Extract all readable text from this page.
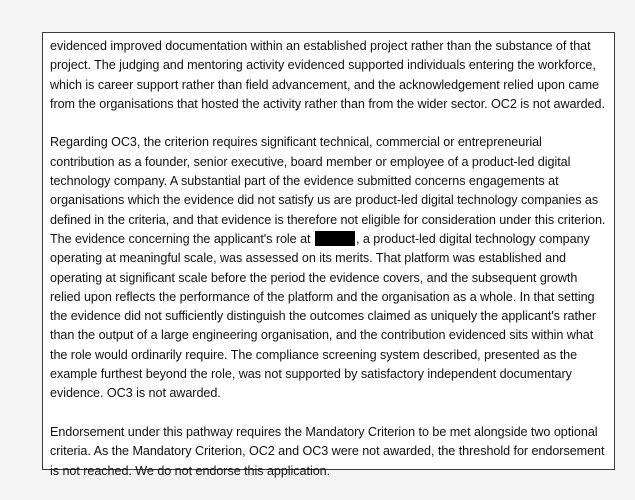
evidenced improved documentation within an established project rather than the substance of that project. The judging and mentoring activity evidenced supported individuals entering the workforce, which is career support rather than field advancement, and the acknowledgement relied upon came from the organisations that hosted the activity rather than from the wider sector. OC2 is not awarded.

Regarding OC3, the criterion requires significant technical, commercial or entrepreneurial contribution as a founder, senior executive, board member or employee of a product-led digital technology company. A substantial part of the evidence submitted concerns engagements at organisations which the evidence did not satisfy us are product-led digital technology companies as defined in the criteria, and that evidence is therefore not eligible for consideration under this criterion. The evidence concerning the applicant's role at	, a product-led digital technology company operating at meaningful scale, was assessed on its merits. That platform was established and operating at significant scale before the period the evidence covers, and the subsequent growth relied upon reflects the performance of the platform and the organisation as a whole. In that setting the evidence did not sufficiently distinguish the outcomes claimed as uniquely the applicant's rather than the output of a large engineering organisation, and the contribution evidenced sits within what the role would ordinarily require. The compliance screening system described, presented as the example furthest beyond the role, was not supported by satisfactory independent documentary evidence. OC3 is not awarded.

Endorsement under this pathway requires the Mandatory Criterion to be met alongside two optional criteria. As the Mandatory Criterion, OC2 and OC3 were not awarded, the threshold for endorsement is not reached. We do not endorse this application.
